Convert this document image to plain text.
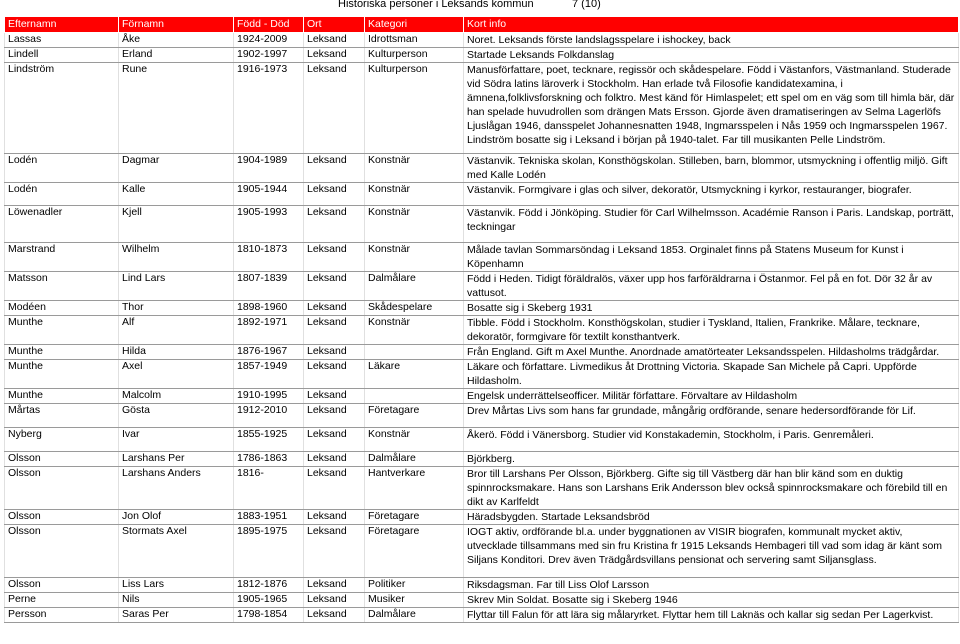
Historiska personer i Leksands kommun	7 (10)
Efternamn	Förnamn	Född - Död	Ort	Kategori	Kort info
Lassas	Åke	1924-2009	Leksand	Idrottsman	Noret. Leksands förste landslagsspelare i ishockey, back
Lindell	Erland	1902-1997	Leksand	Kulturperson	Startade Leksands Folkdanslag
Lindström	Rune	1916-1973	Leksand	Kulturperson	Manusförfattare, poet, tecknare, regissör och skådespelare. Född i Västanfors, Västmanland. Studerade vid Södra latins läroverk i Stockholm. Han erlade två Filosofie kandidatexamina, i ämnena,folklivsforskning och folktro. Mest känd för Himlaspelet; ett spel om en väg som till himla bär, där han spelade huvudrollen som drängen Mats Ersson. Gjorde även dramatiseringen av Selma Lagerlöfs Ljuslågan 1946, dansspelet Johannesnatten 1948, Ingmarsspelen i Nås 1959 och Ingmarsspelen 1967. Lindström bosatte sig i Leksand i början på 1940-talet. Far till musikanten Pelle Lindström.
Lodén	Dagmar	1904-1989	Leksand	Konstnär	Västanvik. Tekniska skolan, Konsthögskolan. Stilleben, barn, blommor, utsmyckning i offentlig miljö. Gift med Kalle Lodén
Lodén	Kalle	1905-1944	Leksand	Konstnär	Västanvik. Formgivare i glas och silver, dekoratör, Utsmyckning i kyrkor, restauranger, biografer.
Löwenadler	Kjell	1905-1993	Leksand	Konstnär	Västanvik. Född i Jönköping. Studier för Carl Wilhelmsson. Académie Ranson i Paris. Landskap, porträtt, teckningar
Marstrand	Wilhelm	1810-1873	Leksand	Konstnär	Målade tavlan Sommarsöndag i Leksand 1853. Orginalet finns på Statens Museum for Kunst i Köpenhamn
Matsson	Lind Lars	1807-1839	Leksand	Dalmålare	Född i Heden. Tidigt föräldralös, växer upp hos farföräldrarna i Östanmor. Fel på en fot. Dör 32 år av vattusot.
Modéen	Thor	1898-1960	Leksand	Skådespelare	Bosatte sig i Skeberg 1931
Munthe	Alf	1892-1971	Leksand	Konstnär	Tibble. Född i Stockholm. Konsthögskolan, studier i Tyskland, Italien, Frankrike. Målare, tecknare, dekoratör, formgivare för textilt konsthantverk.
Munthe	Hilda	1876-1967	Leksand		Från England. Gift m Axel Munthe. Anordnade amatörteater Leksandsspelen. Hildasholms trädgårdar.
Munthe	Axel	1857-1949	Leksand	Läkare	Läkare och författare. Livmedikus åt Drottning Victoria. Skapade San Michele på Capri. Uppförde Hildasholm.
Munthe	Malcolm	1910-1995	Leksand		Engelsk underrättelseofficer. Militär författare. Förvaltare av Hildasholm
Mårtas	Gösta	1912-2010	Leksand	Företagare	Drev Mårtas Livs som hans far grundade, mångårig ordförande, senare hedersordförande för Lif.
Nyberg	Ivar	1855-1925	Leksand	Konstnär	Åkerö. Född i Vänersborg. Studier vid Konstakademin, Stockholm, i Paris. Genremåleri.
Olsson	Larshans Per	1786-1863	Leksand	Dalmålare	Björkberg.
Olsson	Larshans Anders	1816-	Leksand	Hantverkare	Bror till Larshans Per Olsson, Björkberg. Gifte sig till Västberg där han blir känd som en duktig spinnrocksmakare. Hans son Larshans Erik Andersson blev också spinnrocksmakare och förebild till en dikt av Karlfeldt
Olsson	Jon Olof	1883-1951	Leksand	Företagare	Häradsbygden. Startade Leksandsbröd
Olsson	Stormats Axel	1895-1975	Leksand	Företagare	IOGT aktiv, ordförande bl.a. under byggnationen av VISIR biografen, kommunalt mycket aktiv, utvecklade tillsammans med sin fru Kristina fr 1915 Leksands Hembageri till vad som idag är känt som Siljans Konditori. Drev även Trädgårdsvillans pensionat och servering samt Siljansglass.
Olsson	Liss Lars	1812-1876	Leksand	Politiker	Riksdagsman. Far till Liss Olof Larsson
Perne	Nils	1905-1965	Leksand	Musiker	Skrev Min Soldat. Bosatte sig i Skeberg 1946
Persson	Saras Per	1798-1854	Leksand	Dalmålare	Flyttar till Falun för att lära sig målaryrket. Flyttar hem till Laknäs och kallar sig sedan Per Lagerkvist.
